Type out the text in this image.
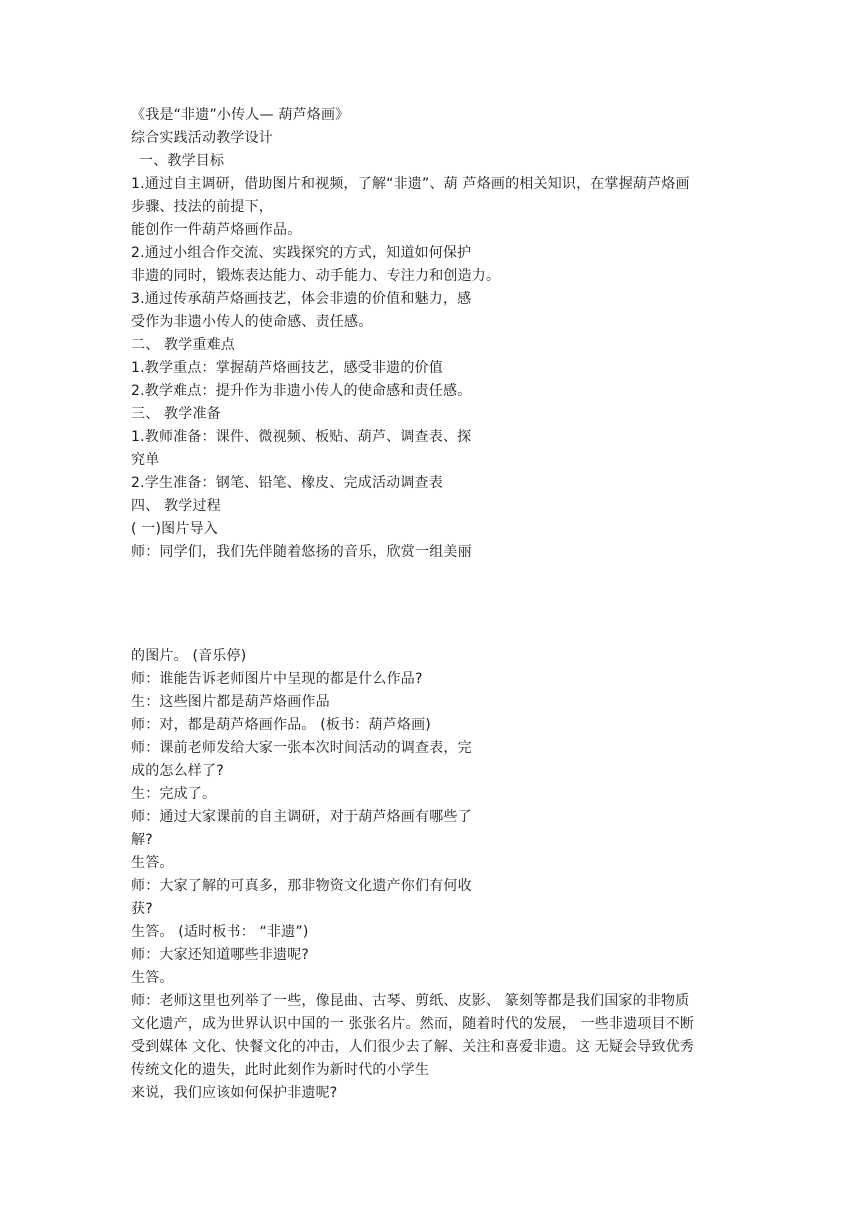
《我是“非遗”小传人— 葫芦烙画》
综合实践活动教学设计
一、教学目标
1.通过自主调研，借助图片和视频，了解“非遗”、葫 芦烙画的相关知识，在掌握葫芦烙画
步骤、技法的前提下，
能创作一件葫芦烙画作品。
2.通过小组合作交流、实践探究的方式，知道如何保护
非遗的同时，锻炼表达能力、动手能力、专注力和创造力。
3.通过传承葫芦烙画技艺，体会非遗的价值和魅力，感
受作为非遗小传人的使命感、责任感。
二、 教学重难点
1.教学重点：掌握葫芦烙画技艺，感受非遗的价值
2.教学难点：提升作为非遗小传人的使命感和责任感。
三、 教学准备
1.教师准备：课件、微视频、板贴、葫芦、调查表、探
究单
2.学生准备：钢笔、铅笔、橡皮、完成活动调查表
四、 教学过程
( 一)图片导入
师：同学们，我们先伴随着悠扬的音乐，欣赏一组美丽
的图片。 (音乐停)
师：谁能告诉老师图片中呈现的都是什么作品?
生：这些图片都是葫芦烙画作品
师：对，都是葫芦烙画作品。 (板书：葫芦烙画)
师：课前老师发给大家一张本次时间活动的调查表，完
成的怎么样了?
生：完成了。
师：通过大家课前的自主调研，对于葫芦烙画有哪些了
解?
生答。
师：大家了解的可真多，那非物资文化遗产你们有何收
获?
生答。 (适时板书： “非遗”)
师：大家还知道哪些非遗呢?
生答。
师：老师这里也列举了一些，像昆曲、古琴、剪纸、皮影、 篆刻等都是我们国家的非物质
文化遗产，成为世界认识中国的一 张张名片。然而，随着时代的发展， 一些非遗项目不断
受到媒体 文化、快餐文化的冲击，人们很少去了解、关注和喜爱非遗。这 无疑会导致优秀
传统文化的遗失，此时此刻作为新时代的小学生
来说，我们应该如何保护非遗呢?
